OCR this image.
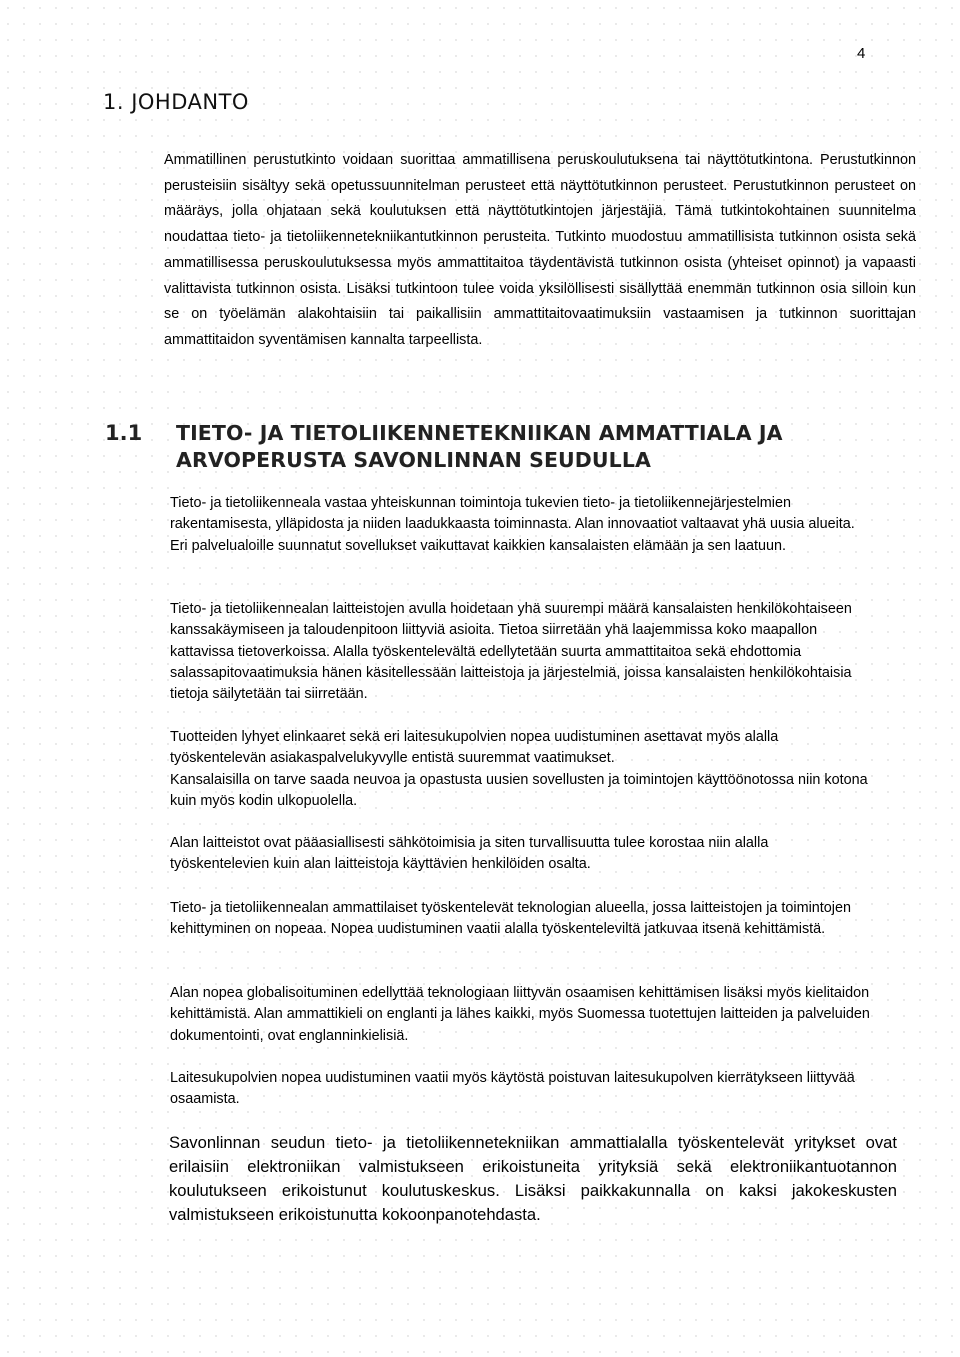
4
1. JOHDANTO

Ammatillinen perustutkinto voidaan suorittaa ammatillisena peruskoulutuksena tai näyttötutkintona. Perustutkinnon perusteisiin sisältyy sekä opetussuunnitelman perusteet että näyttötutkinnon perusteet. Perustutkinnon perusteet on määräys, jolla ohjataan sekä koulutuksen että näyttötutkintojen järjestäjiä. Tämä tutkintokohtainen suunnitelma noudattaa tieto- ja tietoliikennetekniikantutkinnon perusteita. Tutkinto muodostuu ammatillisista tutkinnon osista sekä ammatillisessa peruskoulutuksessa myös ammattitaitoa täydentävistä tutkinnon osista (yhteiset opinnot) ja vapaasti valittavista tutkinnon osista. Lisäksi tutkintoon tulee voida yksilöllisesti sisällyttää enemmän tutkinnon osia silloin kun se on työelämän alakohtaisiin tai paikallisiin ammattitaitovaatimuksiin vastaamisen ja tutkinnon suorittajan ammattitaidon syventämisen kannalta tarpeellista.

1.1 TIETO- JA TIETOLIIKENNETEKNIIKAN AMMATTIALA JA ARVOPERUSTA SAVONLINNAN SEUDULLA

Tieto- ja tietoliikenneala vastaa yhteiskunnan toimintoja tukevien tieto- ja tietoliikennejärjestelmien rakentamisesta, ylläpidosta ja niiden laadukkaasta toiminnasta. Alan innovaatiot valtaavat yhä uusia alueita. Eri palvelualoille suunnatut sovellukset vaikuttavat kaikkien kansalaisten elämään ja sen laatuun.

Tieto- ja tietoliikennealan laitteistojen avulla hoidetaan yhä suurempi määrä kansalaisten henkilökohtaiseen kanssakäymiseen ja taloudenpitoon liittyviä asioita. Tietoa siirretään yhä laajemmissa koko maapallon kattavissa tietoverkoissa. Alalla työskentelevältä edellytetään suurta ammattitaitoa sekä ehdottomia salassapitovaatimuksia hänen käsitellessään laitteistoja ja järjestelmiä, joissa kansalaisten henkilökohtaisia tietoja säilytetään tai siirretään.

Tuotteiden lyhyet elinkaaret sekä eri laitesukupolvien nopea uudistuminen asettavat myös alalla työskentelevän asiakaspalvelukyvylle entistä suuremmat vaatimukset.
Kansalaisilla on tarve saada neuvoa ja opastusta uusien sovellusten ja toimintojen käyttöönotossa niin kotona kuin myös kodin ulkopuolella.

Alan laitteistot ovat pääasiallisesti sähkötoimisia ja siten turvallisuutta tulee korostaa niin alalla työskentelevien kuin alan laitteistoja käyttävien henkilöiden osalta.

Tieto- ja tietoliikennealan ammattilaiset työskentelevät teknologian alueella, jossa laitteistojen ja toimintojen kehittyminen on nopeaa. Nopea uudistuminen vaatii alalla työskenteleviltä jatkuvaa itsenä kehittämistä.

Alan nopea globalisoituminen edellyttää teknologiaan liittyvän osaamisen kehittämisen lisäksi myös kielitaidon kehittämistä. Alan ammattikieli on englanti ja lähes kaikki, myös Suomessa tuotettujen laitteiden ja palveluiden dokumentointi, ovat englanninkielisiä.

Laitesukupolvien nopea uudistuminen vaatii myös käytöstä poistuvan laitesukupolven kierrätykseen liittyvää osaamista.

Savonlinnan seudun tieto- ja tietoliikennetekniikan ammattialalla työskentelevät yritykset ovat erilaisiin elektroniikan valmistukseen erikoistuneita yrityksiä sekä elektroniikantuotannon koulutukseen erikoistunut koulutuskeskus. Lisäksi paikkakunnalla on kaksi jakokeskusten valmistukseen erikoistunutta kokoonpanotehdasta.
